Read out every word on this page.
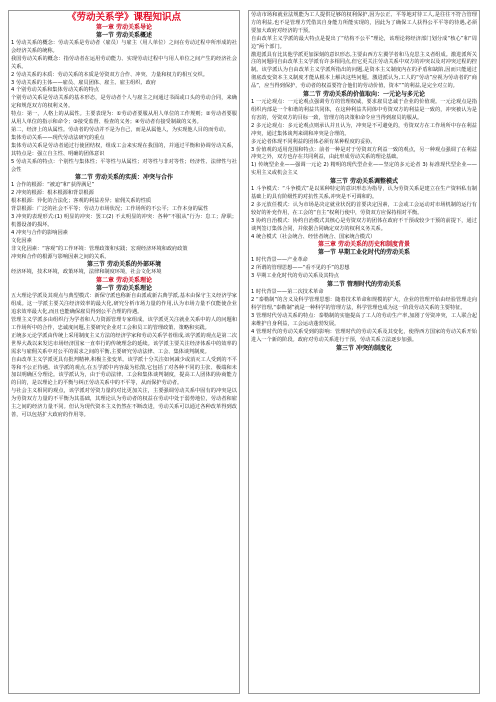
《劳动关系学》课程知识点
第一章 劳动关系导论
第一节 劳动关系概述
1 劳动关系的概念：劳动关系是劳动者（雇员）与雇主（用人单位）之间在劳动过程中所形成的社会经济关系的统称。
我国劳动关系的概念：指劳动者在运用劳动能力、实现劳动过程中与用人单位之间产生的经济社会关系。
2 劳动关系的本质：劳动关系的本质是劳资双方合作、冲突、力量和权力的相互交织。
3 劳动关系的主体——雇员、雇员团体、雇主、雇主组织、政府
4 个别劳动关系和集体劳动关系的特点
个别劳动关系是劳动关系的基本形态，是劳动者个人与雇主之间通过书面或口头的劳动合同，来确定和规范双方的权利义务。
特点：第一，人格上的从属性。主要表现为：①劳动者要服从用人单位的工作规则；②劳动者要服从用人单位的指示和命令；③接受监督、检查的义务；④劳动者有接受制裁的义务。
第二，经济上的从属性。劳动者的劳动并不是为自己，而是从属他人，为实现他人目的而劳动。
集体劳动关系——现代劳动法研究的重点
集体劳动关系是劳动者通过行使团结权，组成工会来实现在我国的，并通过平衡和协调劳动关系，其特点是：强立自主性、明确的团体意识
5 劳动关系的特点：个别性与集体性；平等性与从属性；对等性与非对等性；经济性、法律性与社会性
第二节 劳动关系的实质：冲突与合作
1 合作的根源：“被迫”和“获得满足”
2 冲突的根源：根本根源和背景根源
根本根源：异化的合法化；客观的利益差异；雇佣关系的性质
背景根源：广泛的社会不平等；劳动力市场状况；工作场所的不公平；工作本身的属性
3 冲突的表现形式:(1) 明显的冲突：罢工(2) 不太明显的冲突：各种“不服从”行为：怠工；辞职；机器设备的损坏。
4 冲突与合作的影响因素
文化因素
非文化因素：“客观”的工作环境：管理政策和实践；宏观经济环境和政府政策
冲突和合作的根源与影响因素之间的关系。
第三节 劳动关系的外部环境
经济环境，技术环境，政策环境，法律和制度环境，社会文化环境
第二章 劳动关系理论
第一节 劳动关系理论
五大理论学派及其观点与典型模式：新保守派也称新自由派或新古典学派,基本由保守主义经济学家组成。这一学派主要关注经济效率的最大化,研究分析市场力量的作用,认为市场力量不仅能使企业追求效率最大化,而且也能确保雇员得到公平合理的待遇。
管理主义学派多由组织行为学者和人力资源管理专家组成。该学派更关注就业关系中的人的问题和工作场所中的合作，忠诚度问题,主要研究企业对工会和员工的管理政策、策略和实践。
正统多元论学派由传统上采用制度主义方法的经济学家和劳动关系学者组成,该学派的观点是第二次世界大战以来发达市场经济国家一直奉行的传统理念的延续。该学派主要关注经济体系中的效率的需求与雇佣关系中对公平的需求之间的平衡,主要研究劳动法律、工会、集体谈判制度。
自由改革主义学派更具有批判精神,积极主张变革。该学派十分关注如何减少或消灭工人受到的不平等和不公正待遇。该学派的观点,在五学派中内容最为松散,它包括了对各种不同的主张、极端和未加以明确区分理论。该学派认为，由于劳动法律、工会和集体谈判制度，提高工人团体的协商能力的目的，是以理论上的平衡与纠正劳动关系中的不平等，从而保护劳动者。
与社会主义相同的观点，该学派对劳资力量的对比更加关注，主要强调劳动关系中固有的冲突是以为劳资双方力量的不平衡为其基础，其理论认为劳动者的权益在劳动中处于弱势地位，劳动者和雇主之间的经济力量不同。但认为现代资本主义仍然在不断改进，劳动关系可以通过各种改革得到改善，可以包括扩大政府的作用等。
劳动市场和就业法规能为工人提供足够的权利保护,因为公正、平等地对待工人,是往往不符合管理方的利益,也不是管理方凭借其自身能力所能实现的，因此为了确保工人获得公平平等的待遇,必须要加大政府对经济的干预。
自由改革主义学派的最大特点是提出了“结构不公平”理论，该理论将经济部门划分成“核心”和“周边”两个部门。
激进派具有比其他学派更加深刻的意识形态,主要由西方左翼学者和马克思主义者组成。激进派所关注的问题同自由改革主义学派有许多相同点,但它更关注劳动关系中双方的冲突以及对冲突过程的控制。该学派认为自由改革主义学派所指出的问题,是资本主义制度内在的矛盾和缺陷,因而只能通过彻底改变资本主义制度才能从根本上解决这些问题。激进派认为,工人的“劳动”应视为劳动者的“商品”，应当得到保护，劳动者的权益要符合他们的劳动价值，资本“”的利益,是完全对立的。
第二节 劳动关系的价值取向：一元论与多元论
1 一元论观点：一元论观点强调劳方的管理权威，要求雇员忠诚于企业的价值观。一元论观点是指组织内部是一个和谐的利益共同体，在这种利益共同体中劳资双方的利益是一致的，冲突被认为是有害的，劳资双方的目标一致，管理方的决策和命令应当得到雇员的服从。
2 多元论观点：多元论观点则承认并且认为，冲突是不可避免的，劳资双方在工作场所中存在利益冲突，通过集体谈判来调和冲突是合理的。
多元论者体现不同利益的团体必须有某种程度的妥协。
3 价值观的适用范围和特点：前者一种是对于劳资双方利益一致的观点，另一种观点强调了在利益冲突之外，双方也存在共同利益，由此形成劳动关系的理论基础。
1) 传统型企业——强调一元论 2) 精明的现代型企业——坚定的多元论者 3) 标准现代型企业——实用主义或机会主义
第三节 劳动关系调整模式
1 斗争模式：“斗争模式”是以某种特定的意识形态为指导，认为劳资关系是建立在生产资料私有制基础上的具有阶级性的对抗性关系,冲突是不可调和的。
2 多元放任模式：认为市场是决定就业状况的首要决定因素，工会或工会运动对市场机制的运行有较好的补充作用，在工会的“自主”权利行使中，劳资双方应保持相对平衡。
3 协约自治模式：协约自治模式其核心是劳资双方的团体在政府不干预或较少干预的前提下，通过谈判签订集体合同，并依据合同确定双方的权利义务关系。
4 统合模式（社会统合、经营者统合、国家统合模式）
第三章 劳动关系的历史和制度背景
第一节 早期工业化时代的劳动关系
1 时代背景——产业革命
2 所谓的管理思想——“看不见的手”的思想
3 早期工业化时代的劳动关系及其特点
第二节 管理时代的劳动关系
1 时代背景——第二次技术革命
2 “泰勒制”的含义及科学管理思想：随着技术革命和规模的扩大，企业的管理开始由经验管理走向科学管理,“泰勒制”就是一种科学的管理方法，科学管理也成为这一阶段劳动关系的主要特征。
3 管理时代劳动关系的特点：泰勒制的实施提高了工人的劳动生产率,加剧了劳资冲突，工人联合起来维护自身利益，工会运动蓬勃发展。
4 管理时代的劳动关系受到的影响：管理时代的劳动关系及其变化，使得西方国家的劳动关系开始进入一个新的阶段。政府对劳动关系进行干预，劳动关系立法逐步加强。
第三节 冲突的制度化
